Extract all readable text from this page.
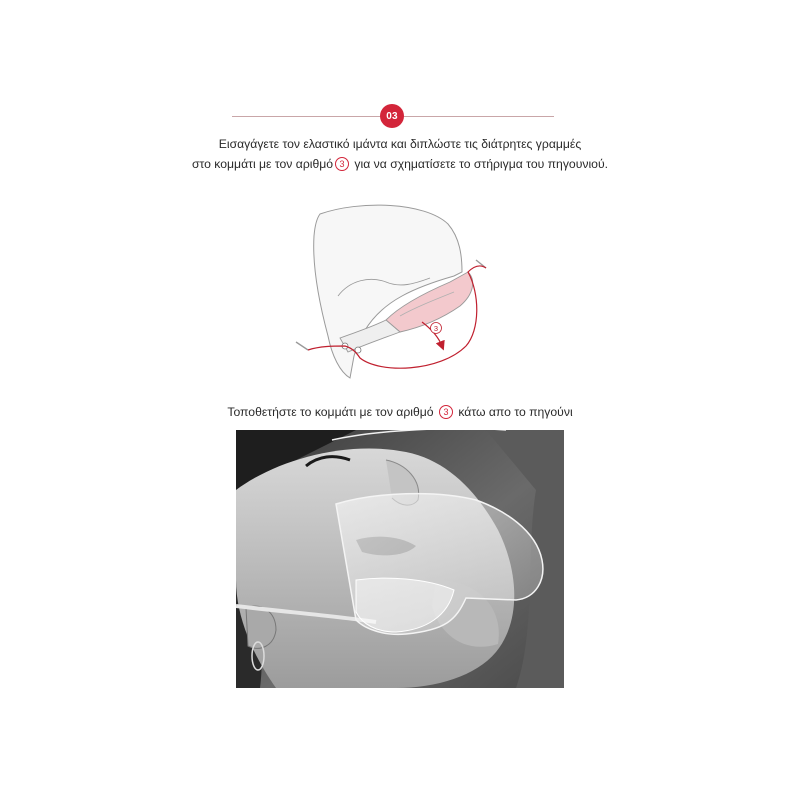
03
Εισαγάγετε τον ελαστικό ιμάντα και διπλώστε τις διάτρητες γραμμές
στο κομμάτι με τον αριθμό 3 για να σχηματίσετε το στήριγμα του πηγουνιού.
3
Τοποθετήστε το κομμάτι με τον αριθμό 3 κάτω απο το πηγούνι
